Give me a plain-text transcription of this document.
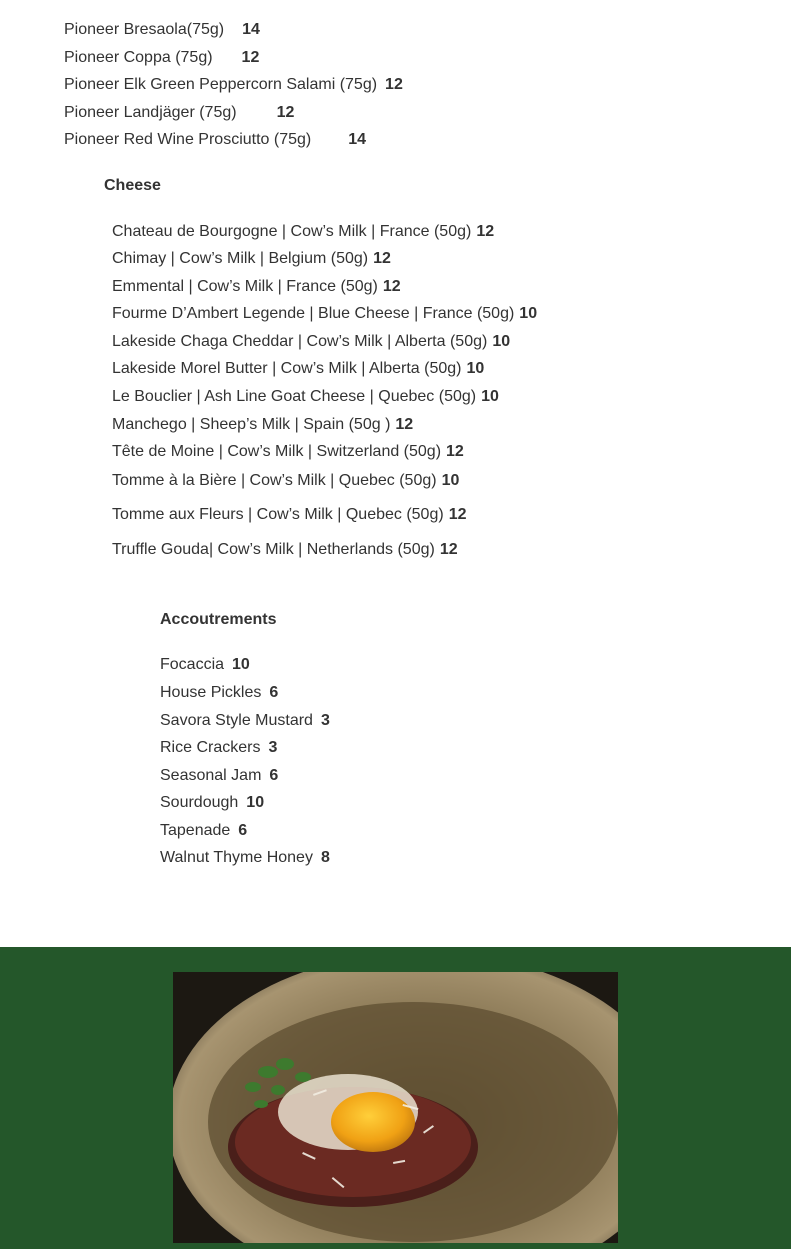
Pioneer Bresaola(75g) 14
Pioneer Coppa (75g) 12
Pioneer Elk Green Peppercorn Salami (75g) 12
Pioneer Landjäger (75g)	12
Pioneer Red Wine Prosciutto (75g) 14
Cheese
Chateau de Bourgogne | Cow’s Milk | France (50g) 12
Chimay | Cow’s Milk | Belgium (50g) 12
Emmental | Cow’s Milk | France (50g) 12
Fourme D’Ambert Legende | Blue Cheese | France (50g) 10
Lakeside Chaga Cheddar | Cow’s Milk | Alberta (50g) 10
Lakeside Morel Butter | Cow’s Milk | Alberta (50g) 10
Le Bouclier | Ash Line Goat Cheese | Quebec (50g) 10
Manchego | Sheep’s Milk | Spain (50g ) 12
Tête de Moine | Cow’s Milk | Switzerland (50g) 12
Tomme à la Bière | Cow’s Milk | Quebec (50g) 10
Tomme aux Fleurs | Cow’s Milk | Quebec (50g) 12
Truffle Gouda| Cow’s Milk | Netherlands (50g) 12
Accoutrements
Focaccia 10
House Pickles 6
Savora Style Mustard 3
Rice Crackers 3
Seasonal Jam 6
Sourdough 10
Tapenade 6
Walnut Thyme Honey 8
